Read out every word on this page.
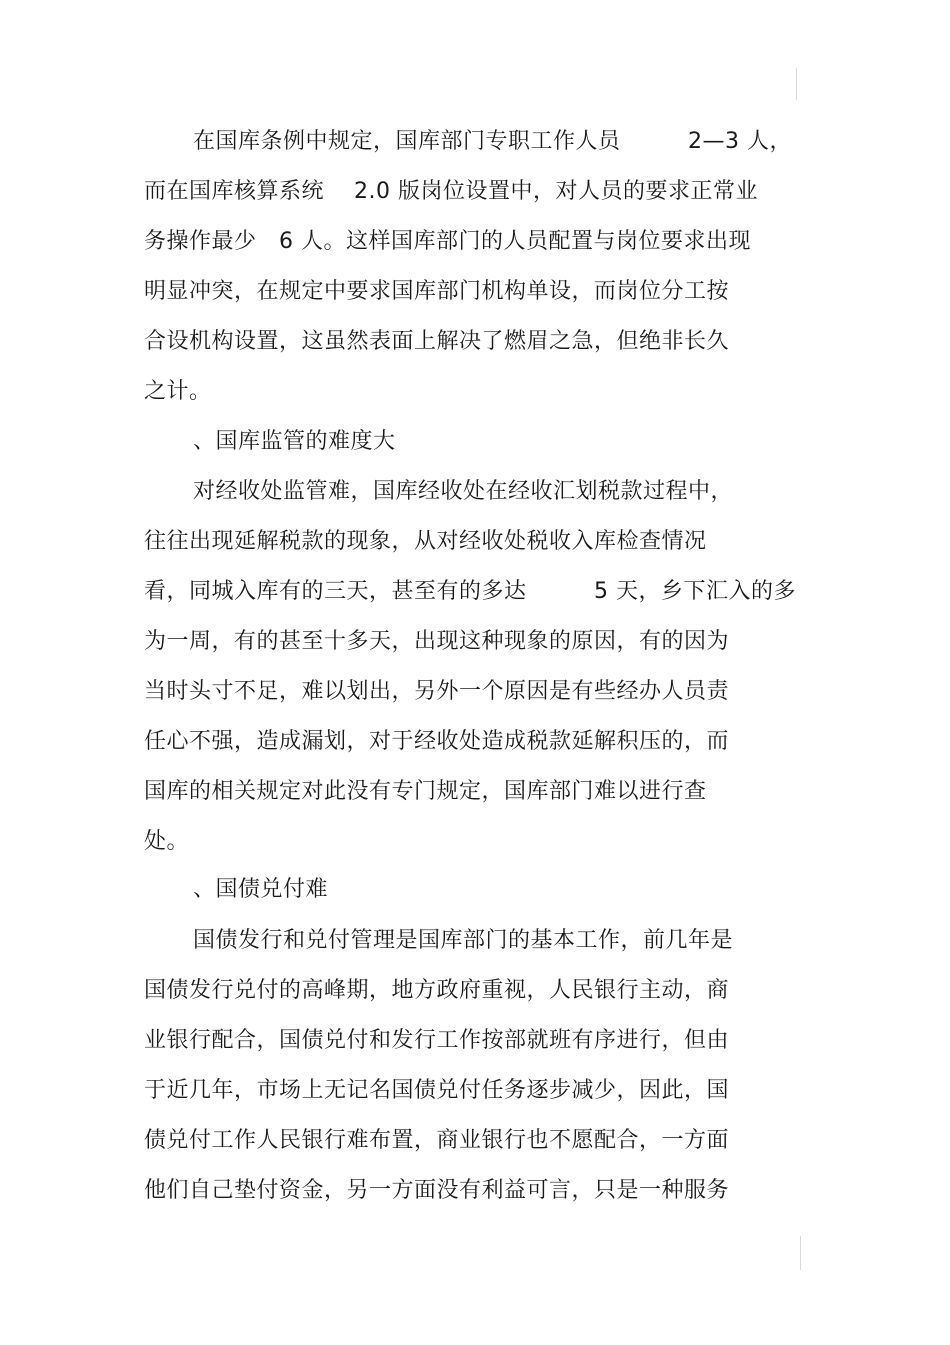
在国库条例中规定，国库部门专职工作人员　　　2—3 人，
而在国库核算系统　 2.0 版岗位设置中，对人员的要求正常业
务操作最少　6 人。这样国库部门的人员配置与岗位要求出现
明显冲突，在规定中要求国库部门机构单设，而岗位分工按
合设机构设置，这虽然表面上解决了燃眉之急，但绝非长久
之计。
、国库监管的难度大
对经收处监管难，国库经收处在经收汇划税款过程中，
往往出现延解税款的现象，从对经收处税收入库检查情况
看，同城入库有的三天，甚至有的多达　　　5 天，乡下汇入的多
为一周，有的甚至十多天，出现这种现象的原因，有的因为
当时头寸不足，难以划出，另外一个原因是有些经办人员责
任心不强，造成漏划，对于经收处造成税款延解积压的，而
国库的相关规定对此没有专门规定，国库部门难以进行查
处。
、国债兑付难
国债发行和兑付管理是国库部门的基本工作，前几年是
国债发行兑付的高峰期，地方政府重视，人民银行主动，商
业银行配合，国债兑付和发行工作按部就班有序进行，但由
于近几年，市场上无记名国债兑付任务逐步减少，因此，国
债兑付工作人民银行难布置，商业银行也不愿配合，一方面
他们自己垫付资金，另一方面没有利益可言，只是一种服务
